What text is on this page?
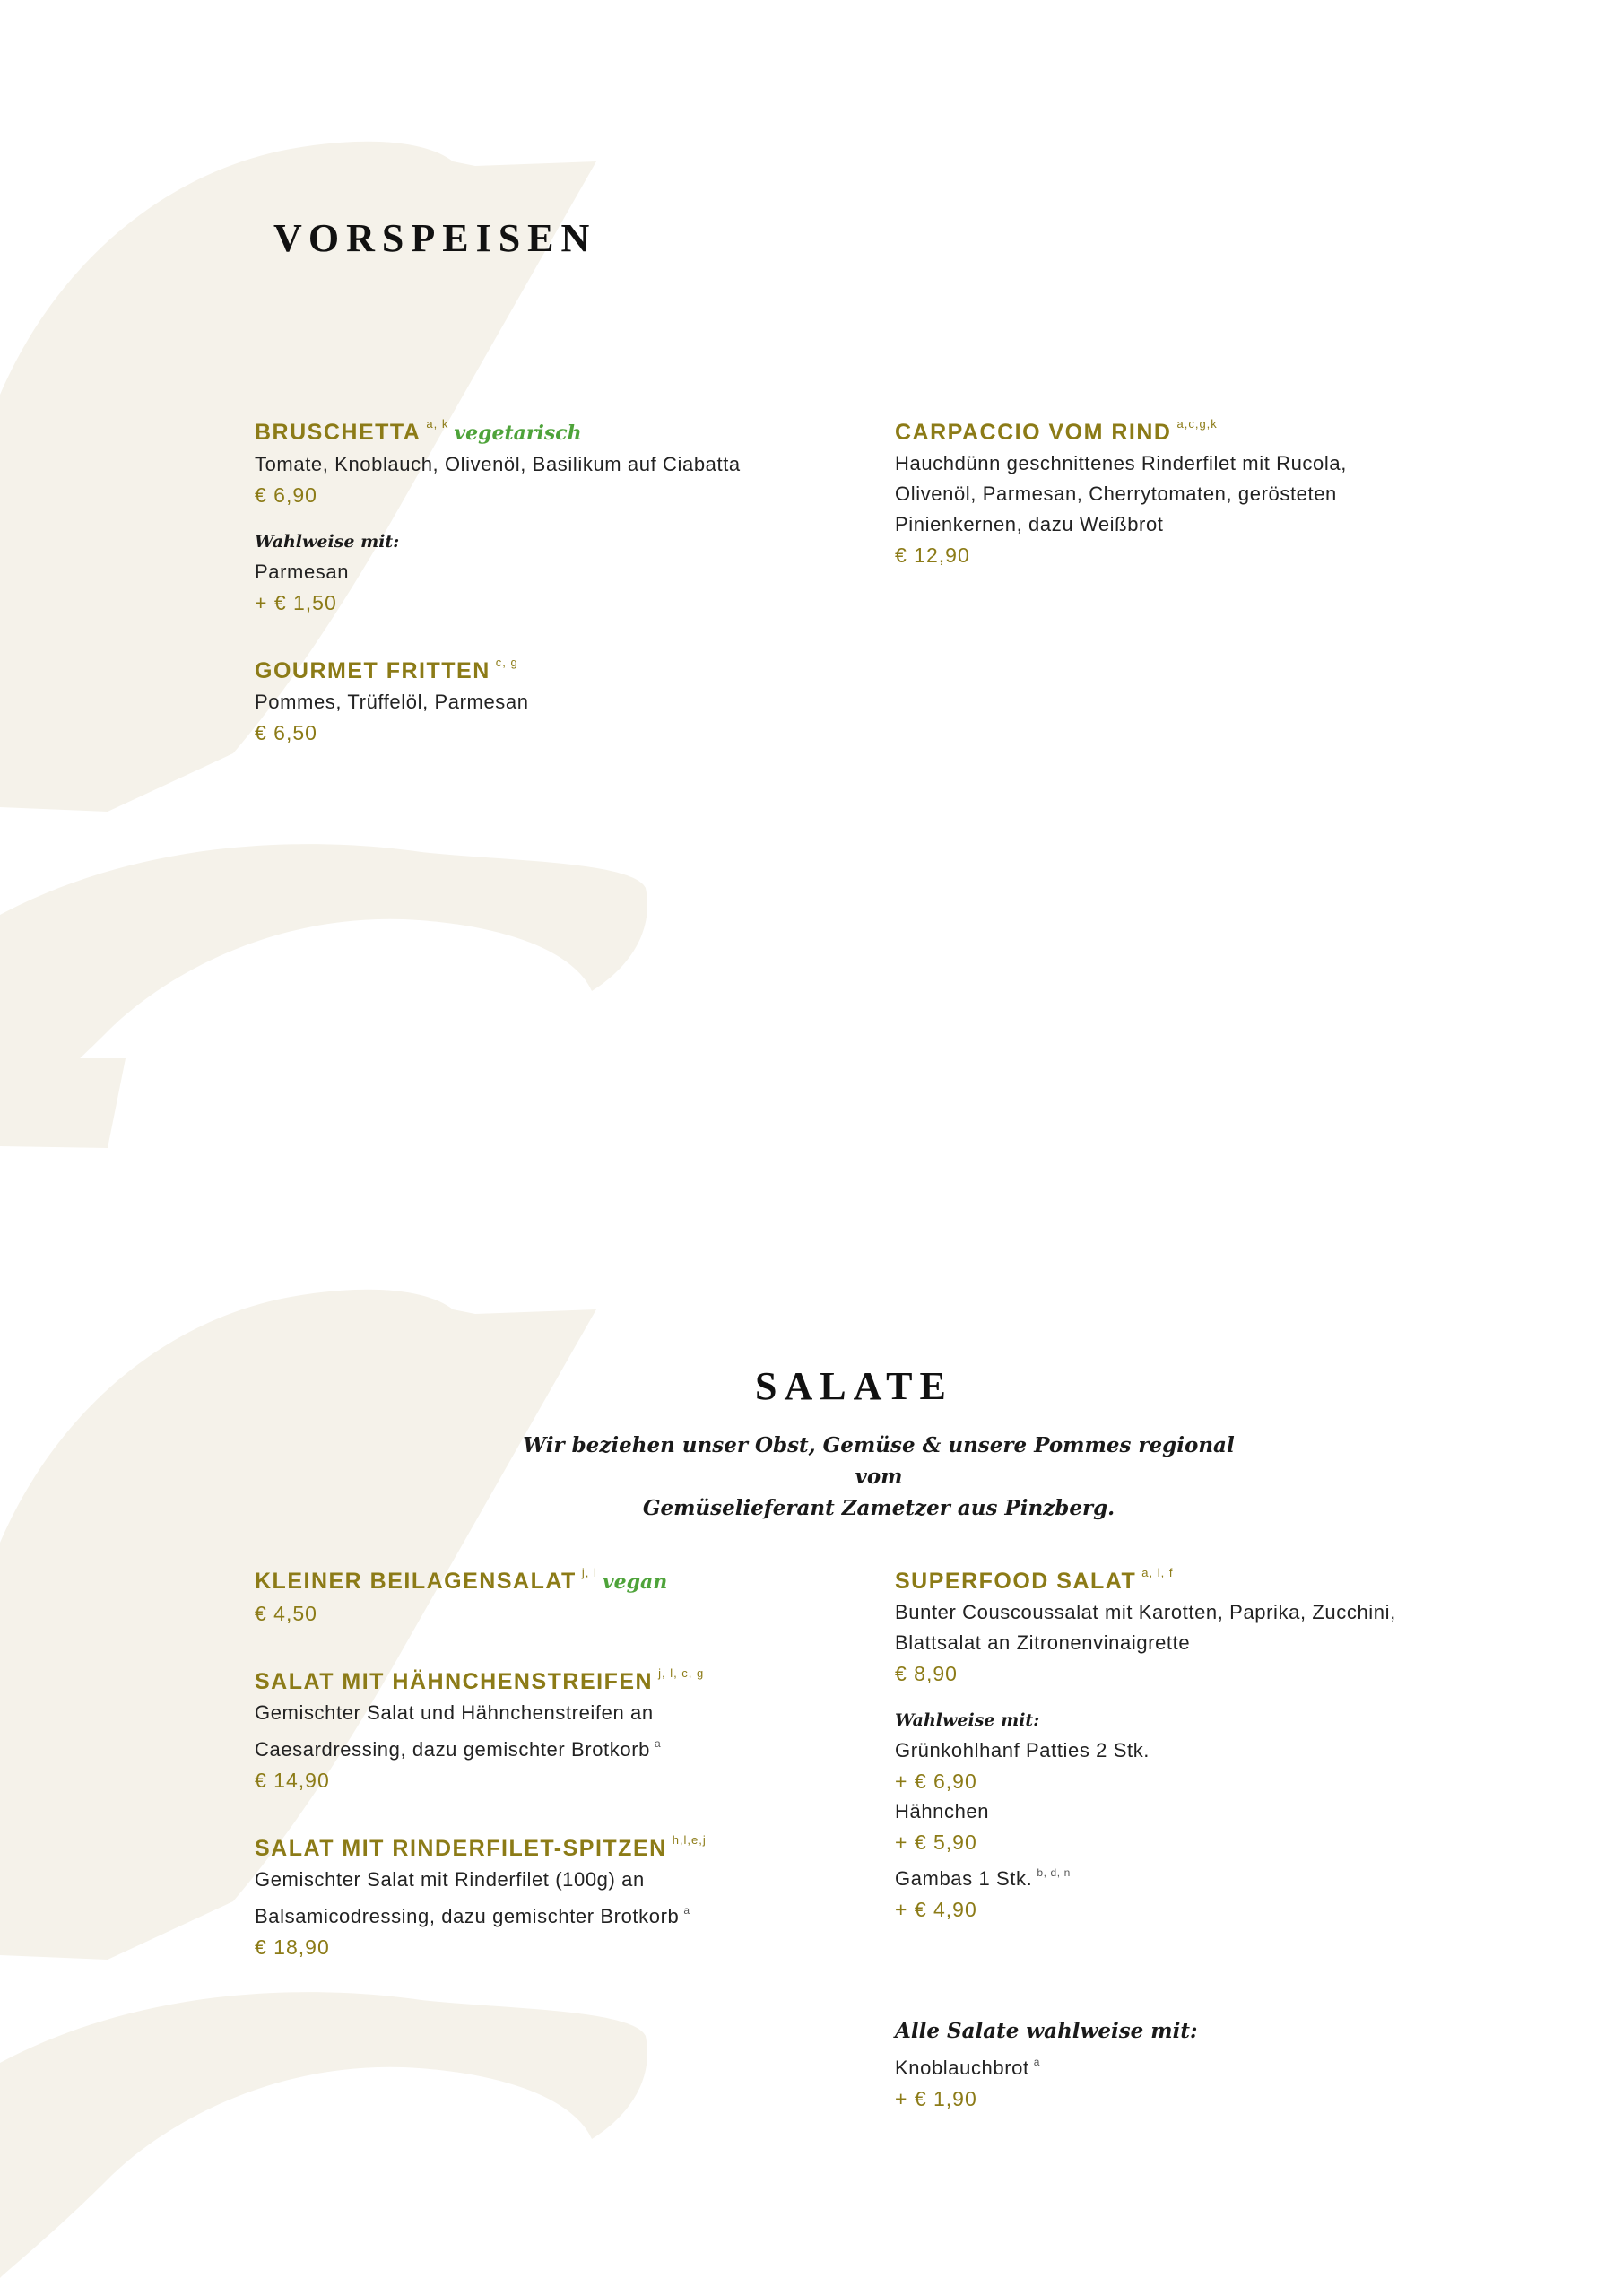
VORSPEISEN
BRUSCHETTA $^{a, k}$ vegetarisch
Tomate, Knoblauch, Olivenöl, Basilikum auf Ciabatta
€ 6,90
Wahlweise mit:
Parmesan
+ € 1,50
GOURMET FRITTEN $^{c, g}$
Pommes, Trüffelöl, Parmesan
€ 6,50
CARPACCIO VOM RIND $^{a,c,g,k}$
Hauchdünn geschnittenes Rinderfilet mit Rucola,
Olivenöl, Parmesan, Cherrytomaten, gerösteten
Pinienkernen, dazu Weißbrot
€ 12,90
SALATE
Wir beziehen unser Obst, Gemüse & unsere Pommes regional vom
Gemüselieferant Zametzer aus Pinzberg.
KLEINER BEILAGENSALAT $^{j, l}$ vegan
€ 4,50
SALAT MIT HÄHNCHENSTREIFEN $^{j, l, c, g}$
Gemischter Salat und Hähnchenstreifen an
Caesardressing, dazu gemischter Brotkorb $^a$
€ 14,90
SALAT MIT RINDERFILET-SPITZEN $^{h,l,e,j}$
Gemischter Salat mit Rinderfilet (100g) an
Balsamicodressing, dazu gemischter Brotkorb $^a$
€ 18,90
SUPERFOOD SALAT $^{a, l, f}$
Bunter Couscoussalat mit Karotten, Paprika, Zucchini,
Blattsalat an Zitronenvinaigrette
€ 8,90
Wahlweise mit:
Grünkohlhanf Patties 2 Stk.
+ € 6,90
Hähnchen
+ € 5,90
Gambas 1 Stk. $^{b, d, n}$
+ € 4,90
Alle Salate wahlweise mit:
Knoblauchbrot $^a$
+ € 1,90
